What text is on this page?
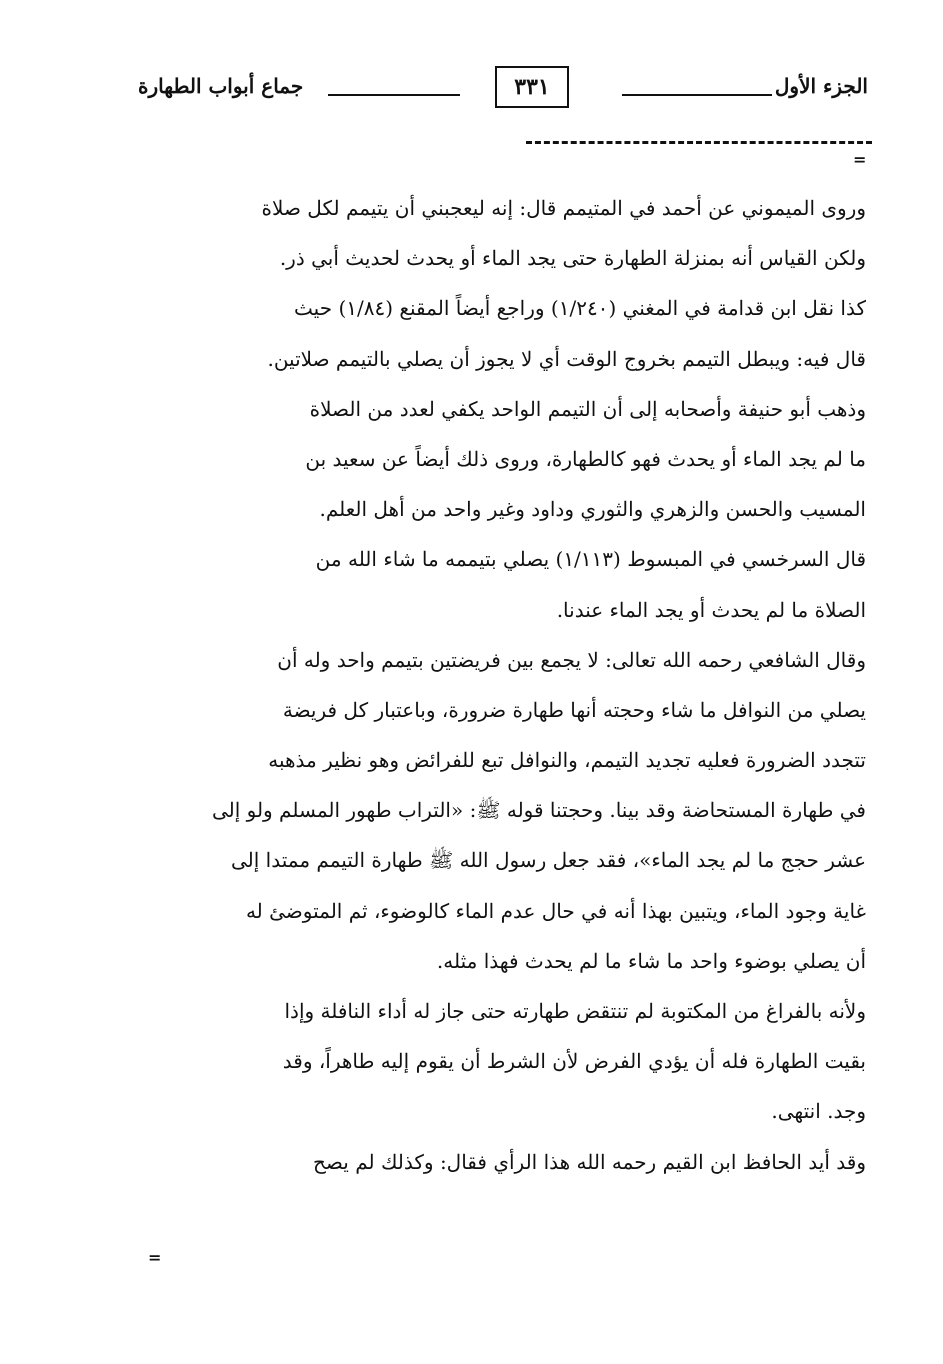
الجزء الأول
٣٣١
جماع أبواب الطهارة
=
وروى الميموني عن أحمد في المتيمم قال: إنه ليعجبني أن يتيمم لكل صلاة
ولكن القياس أنه بمنزلة الطهارة حتى يجد الماء أو يحدث لحديث أبي ذر.
كذا نقل ابن قدامة في المغني (١/٢٤٠) وراجع أيضاً المقنع (١/٨٤) حيث
قال فيه: ويبطل التيمم بخروج الوقت أي لا يجوز أن يصلي بالتيمم صلاتين.
وذهب أبو حنيفة وأصحابه إلى أن التيمم الواحد يكفي لعدد من الصلاة
ما لم يجد الماء أو يحدث فهو كالطهارة، وروى ذلك أيضاً عن سعيد بن
المسيب والحسن والزهري والثوري وداود وغير واحد من أهل العلم.
قال السرخسي في المبسوط (١/١١٣) يصلي بتيممه ما شاء الله من
الصلاة ما لم يحدث أو يجد الماء عندنا.
وقال الشافعي رحمه الله تعالى: لا يجمع بين فريضتين بتيمم واحد وله أن
يصلي من النوافل ما شاء وحجته أنها طهارة ضرورة، وباعتبار كل فريضة
تتجدد الضرورة فعليه تجديد التيمم، والنوافل تبع للفرائض وهو نظير مذهبه
في طهارة المستحاضة وقد بينا. وحجتنا قوله ﷺ: «التراب طهور المسلم ولو إلى
عشر حجج ما لم يجد الماء»، فقد جعل رسول الله ﷺ طهارة التيمم ممتدا إلى
غاية وجود الماء، ويتبين بهذا أنه في حال عدم الماء كالوضوء، ثم المتوضئ له
أن يصلي بوضوء واحد ما شاء ما لم يحدث فهذا مثله.
ولأنه بالفراغ من المكتوبة لم تنتقض طهارته حتى جاز له أداء النافلة وإذا
بقيت الطهارة فله أن يؤدي الفرض لأن الشرط أن يقوم إليه طاهراً، وقد
وجد. انتهى.
وقد أيد الحافظ ابن القيم رحمه الله هذا الرأي فقال: وكذلك لم يصح
=
